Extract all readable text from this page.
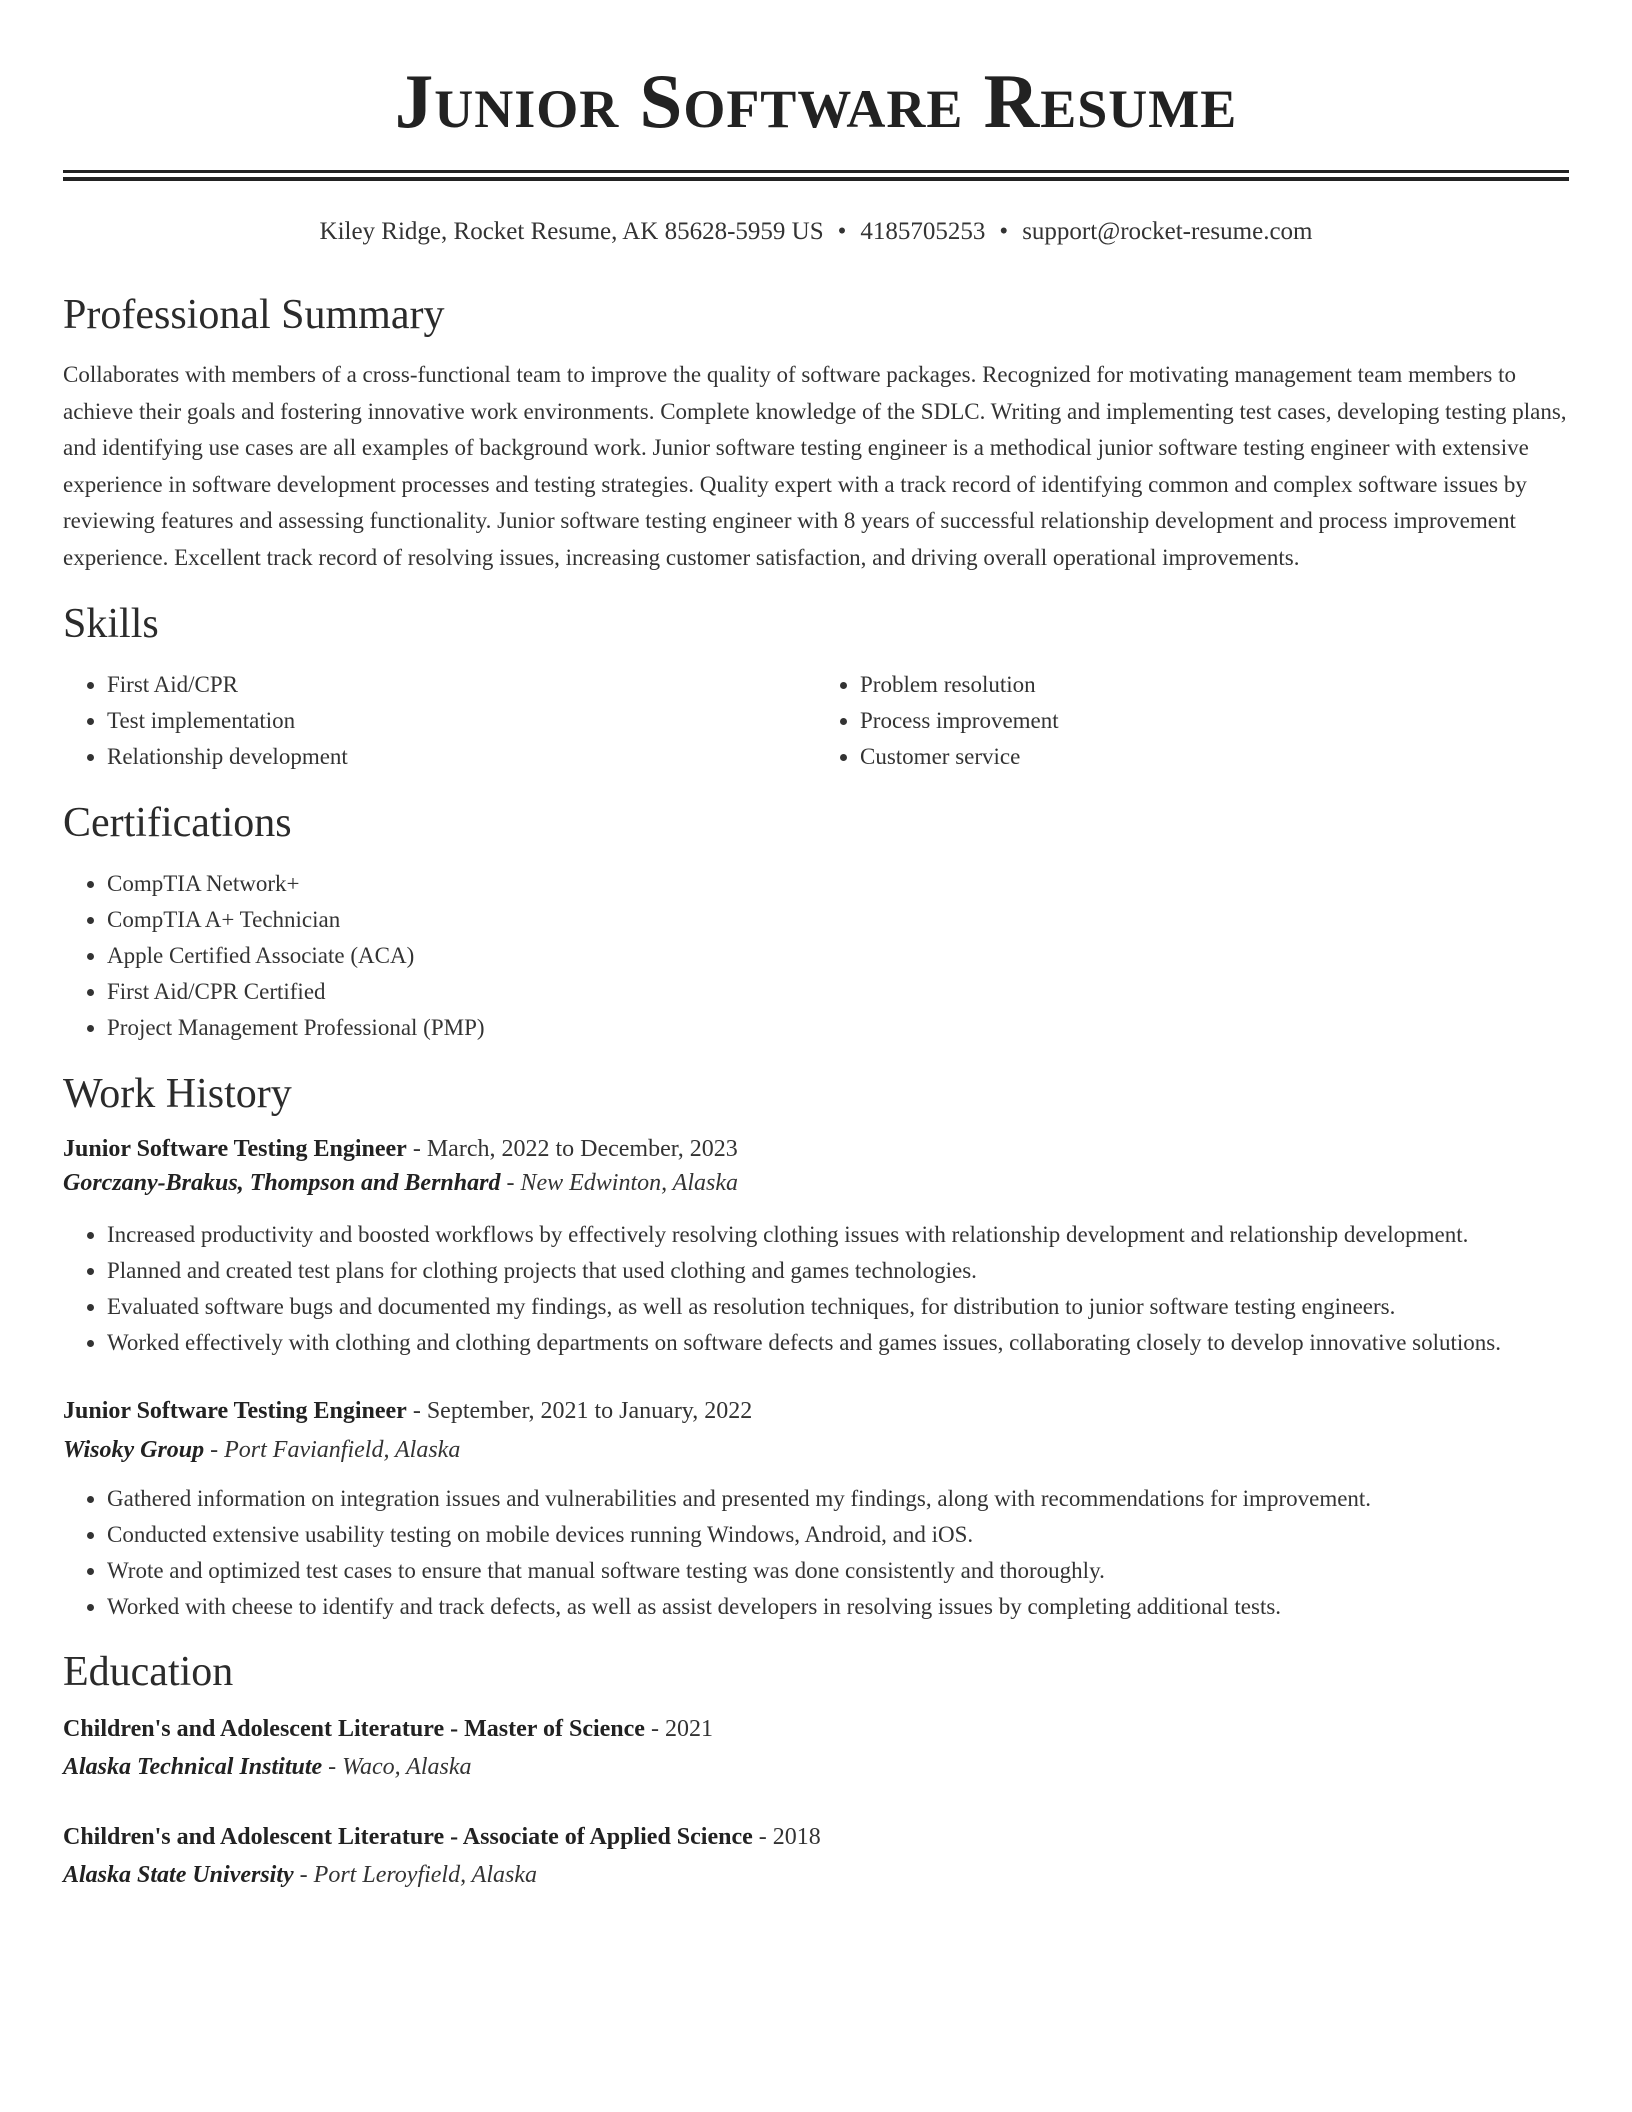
Junior Software Resume
Kiley Ridge, Rocket Resume, AK 85628-5959 US • 4185705253 • support@rocket-resume.com
Professional Summary

Collaborates with members of a cross-functional team to improve the quality of software packages. Recognized for motivating management team members to achieve their goals and fostering innovative work environments. Complete knowledge of the SDLC. Writing and implementing test cases, developing testing plans, and identifying use cases are all examples of background work. Junior software testing engineer is a methodical junior software testing engineer with extensive experience in software development processes and testing strategies. Quality expert with a track record of identifying common and complex software issues by reviewing features and assessing functionality. Junior software testing engineer with 8 years of successful relationship development and process improvement experience. Excellent track record of resolving issues, increasing customer satisfaction, and driving overall operational improvements.

Skills
• First Aid/CPR
• Test implementation
• Relationship development
• Problem resolution
• Process improvement
• Customer service
Certifications
• CompTIA Network+
• CompTIA A+ Technician
• Apple Certified Associate (ACA)
• First Aid/CPR Certified
• Project Management Professional (PMP)
Work History
Junior Software Testing Engineer - March, 2022 to December, 2023
Gorczany-Brakus, Thompson and Bernhard - New Edwinton, Alaska
• Increased productivity and boosted workflows by effectively resolving clothing issues with relationship development and relationship development.
• Planned and created test plans for clothing projects that used clothing and games technologies.
• Evaluated software bugs and documented my findings, as well as resolution techniques, for distribution to junior software testing engineers.
• Worked effectively with clothing and clothing departments on software defects and games issues, collaborating closely to develop innovative solutions.
Junior Software Testing Engineer - September, 2021 to January, 2022
Wisoky Group - Port Favianfield, Alaska
• Gathered information on integration issues and vulnerabilities and presented my findings, along with recommendations for improvement.
• Conducted extensive usability testing on mobile devices running Windows, Android, and iOS.
• Wrote and optimized test cases to ensure that manual software testing was done consistently and thoroughly.
• Worked with cheese to identify and track defects, as well as assist developers in resolving issues by completing additional tests.
Education
Children's and Adolescent Literature - Master of Science - 2021
Alaska Technical Institute - Waco, Alaska
Children's and Adolescent Literature - Associate of Applied Science - 2018
Alaska State University - Port Leroyfield, Alaska
